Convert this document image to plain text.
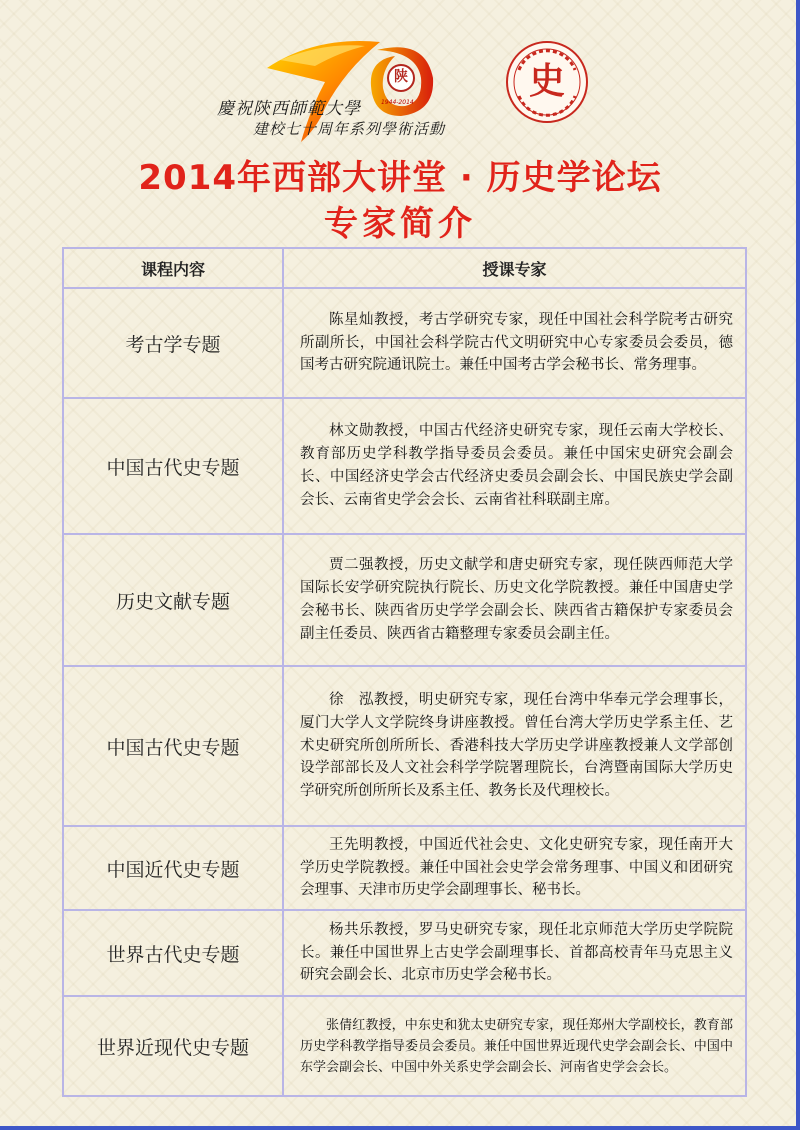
陕
1944-2014
慶祝陝西師範大學
建校七十周年系列學術活動
史
2014年西部大讲堂 · 历史学论坛
专家简介
课程内容	授课专家
考古学专题	陈星灿教授，考古学研究专家，现任中国社会科学院考古研究所副所长，中国社会科学院古代文明研究中心专家委员会委员，德国考古研究院通讯院士。兼任中国考古学会秘书长、常务理事。
中国古代史专题	林文勋教授，中国古代经济史研究专家，现任云南大学校长、教育部历史学科教学指导委员会委员。兼任中国宋史研究会副会长、中国经济史学会古代经济史委员会副会长、中国民族史学会副会长、云南省史学会会长、云南省社科联副主席。
历史文献专题	贾二强教授，历史文献学和唐史研究专家，现任陕西师范大学国际长安学研究院执行院长、历史文化学院教授。兼任中国唐史学会秘书长、陕西省历史学学会副会长、陕西省古籍保护专家委员会副主任委员、陕西省古籍整理专家委员会副主任。
中国古代史专题	徐　泓教授，明史研究专家，现任台湾中华奉元学会理事长，厦门大学人文学院终身讲座教授。曾任台湾大学历史学系主任、艺术史研究所创所所长、香港科技大学历史学讲座教授兼人文学部创设学部部长及人文社会科学学院署理院长，台湾暨南国际大学历史学研究所创所所长及系主任、教务长及代理校长。
中国近代史专题	王先明教授，中国近代社会史、文化史研究专家，现任南开大学历史学院教授。兼任中国社会史学会常务理事、中国义和团研究会理事、天津市历史学会副理事长、秘书长。
世界古代史专题	杨共乐教授，罗马史研究专家，现任北京师范大学历史学院院长。兼任中国世界上古史学会副理事长、首都高校青年马克思主义研究会副会长、北京市历史学会秘书长。
世界近现代史专题	张倩红教授，中东史和犹太史研究专家，现任郑州大学副校长，教育部历史学科教学指导委员会委员。兼任中国世界近现代史学会副会长、中国中东学会副会长、中国中外关系史学会副会长、河南省史学会会长。
